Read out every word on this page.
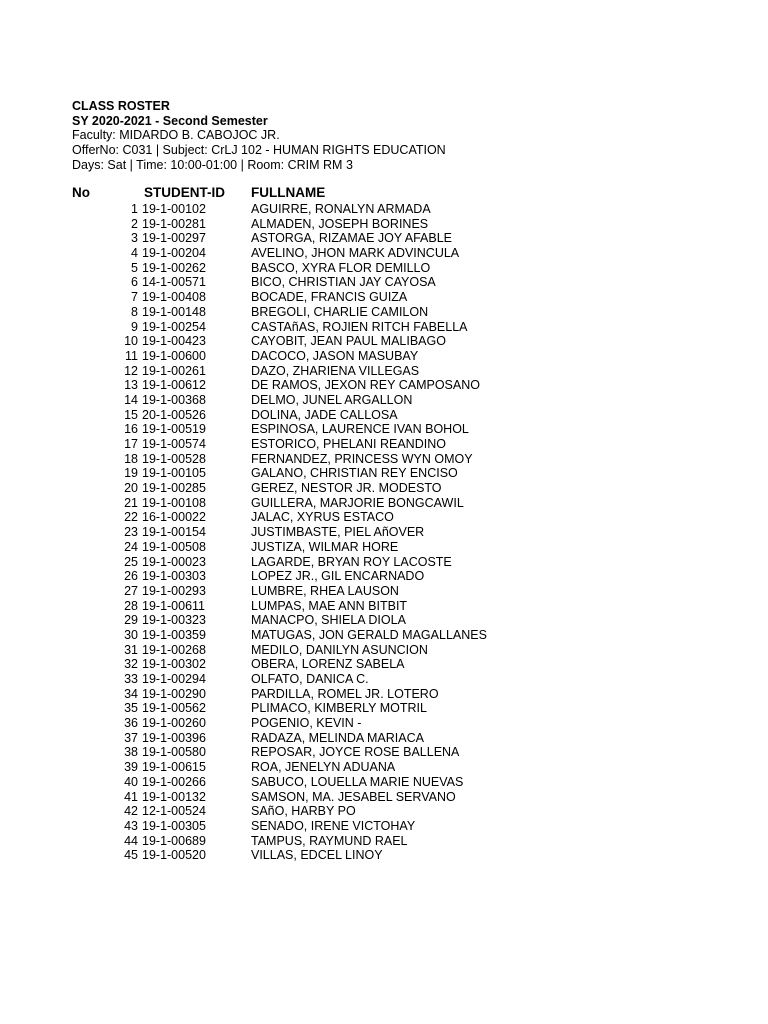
CLASS ROSTER
SY 2020-2021 - Second Semester
Faculty: MIDARDO B. CABOJOC JR.
OfferNo: C031 | Subject: CrLJ 102 - HUMAN RIGHTS EDUCATION
Days: Sat | Time: 10:00-01:00 | Room: CRIM RM 3
No	STUDENT-ID FULLNAME
1 19-1-00102	AGUIRRE, RONALYN ARMADA
2 19-1-00281	ALMADEN, JOSEPH BORINES
3 19-1-00297	ASTORGA, RIZAMAE JOY AFABLE
4 19-1-00204	AVELINO, JHON MARK ADVINCULA
5 19-1-00262	BASCO, XYRA FLOR DEMILLO
6 14-1-00571	BICO, CHRISTIAN JAY CAYOSA
7 19-1-00408	BOCADE, FRANCIS GUIZA
8 19-1-00148	BREGOLI, CHARLIE CAMILON
9 19-1-00254	CASTAñAS, ROJIEN RITCH FABELLA
10 19-1-00423	CAYOBIT, JEAN PAUL MALIBAGO
11 19-1-00600	DACOCO, JASON MASUBAY
12 19-1-00261	DAZO, ZHARIENA VILLEGAS
13 19-1-00612	DE RAMOS, JEXON REY CAMPOSANO
14 19-1-00368	DELMO, JUNEL ARGALLON
15 20-1-00526	DOLINA, JADE CALLOSA
16 19-1-00519	ESPINOSA, LAURENCE IVAN BOHOL
17 19-1-00574	ESTORICO, PHELANI REANDINO
18 19-1-00528	FERNANDEZ, PRINCESS WYN OMOY
19 19-1-00105	GALANO, CHRISTIAN REY ENCISO
20 19-1-00285	GEREZ, NESTOR JR. MODESTO
21 19-1-00108	GUILLERA, MARJORIE BONGCAWIL
22 16-1-00022	JALAC, XYRUS ESTACO
23 19-1-00154	JUSTIMBASTE, PIEL AñOVER
24 19-1-00508	JUSTIZA, WILMAR HORE
25 19-1-00023	LAGARDE, BRYAN ROY LACOSTE
26 19-1-00303	LOPEZ JR., GIL ENCARNADO
27 19-1-00293	LUMBRE, RHEA LAUSON
28 19-1-00611	LUMPAS, MAE ANN BITBIT
29 19-1-00323	MANACPO, SHIELA DIOLA
30 19-1-00359	MATUGAS, JON GERALD MAGALLANES
31 19-1-00268	MEDILO, DANILYN ASUNCION
32 19-1-00302	OBERA, LORENZ SABELA
33 19-1-00294	OLFATO, DANICA C.
34 19-1-00290	PARDILLA, ROMEL JR. LOTERO
35 19-1-00562	PLIMACO, KIMBERLY MOTRIL
36 19-1-00260	POGENIO, KEVIN -
37 19-1-00396	RADAZA, MELINDA MARIACA
38 19-1-00580	REPOSAR, JOYCE ROSE BALLENA
39 19-1-00615	ROA, JENELYN ADUANA
40 19-1-00266	SABUCO, LOUELLA MARIE NUEVAS
41 19-1-00132	SAMSON, MA. JESABEL SERVANO
42 12-1-00524	SAñO, HARBY PO
43 19-1-00305	SENADO, IRENE VICTOHAY
44 19-1-00689	TAMPUS, RAYMUND RAEL
45 19-1-00520	VILLAS, EDCEL LINOY
